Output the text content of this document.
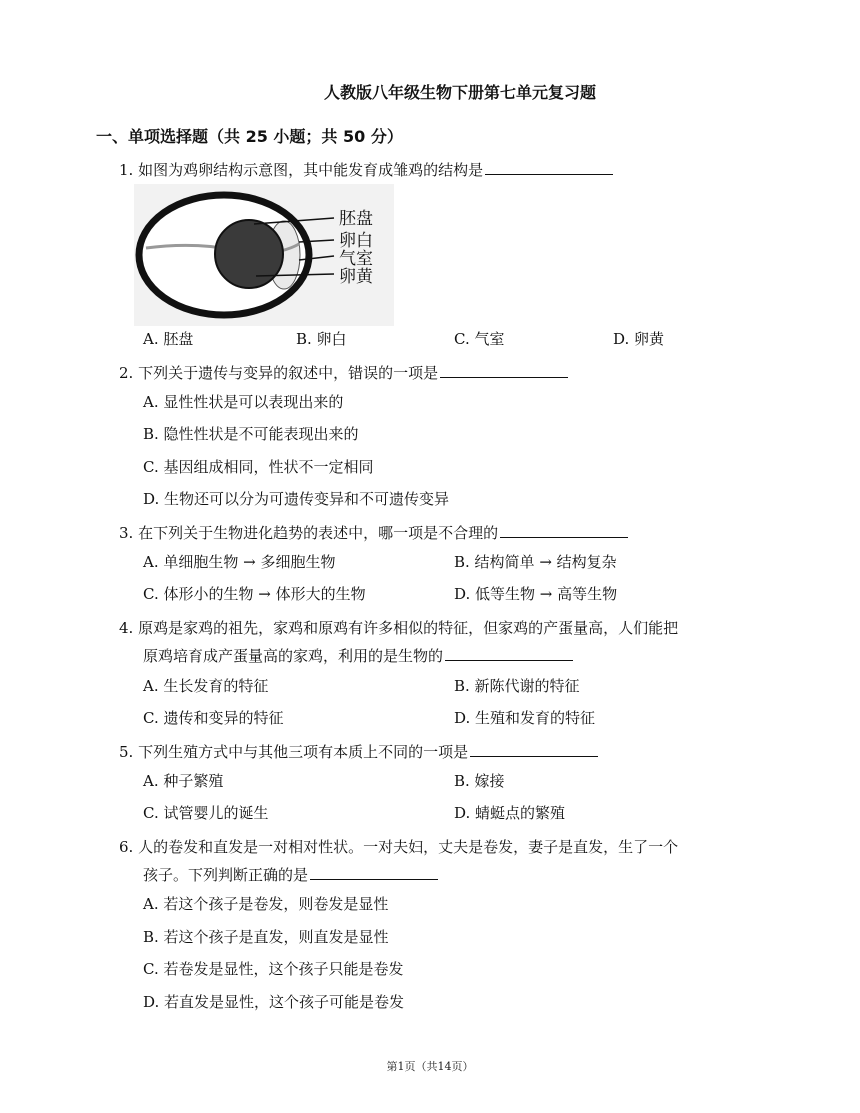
人教版八年级生物下册第七单元复习题
一、单项选择题（共 25 小题；共 50 分）
1. 如图为鸡卵结构示意图，其中能发育成雏鸡的结构是
胚盘
卵白
气室
卵黄
A. 胚盘	B. 卵白	C. 气室	D. 卵黄
2. 下列关于遗传与变异的叙述中，错误的一项是
A. 显性性状是可以表现出来的
B. 隐性性状是不可能表现出来的
C. 基因组成相同，性状不一定相同
D. 生物还可以分为可遗传变异和不可遗传变异
3. 在下列关于生物进化趋势的表述中，哪一项是不合理的
A. 单细胞生物 → 多细胞生物	B. 结构简单 → 结构复杂
C. 体形小的生物 → 体形大的生物	D. 低等生物 → 高等生物
4. 原鸡是家鸡的祖先，家鸡和原鸡有许多相似的特征，但家鸡的产蛋量高，人们能把
原鸡培育成产蛋量高的家鸡，利用的是生物的
A. 生长发育的特征	B. 新陈代谢的特征
C. 遗传和变异的特征	D. 生殖和发育的特征
5. 下列生殖方式中与其他三项有本质上不同的一项是
A. 种子繁殖	B. 嫁接
C. 试管婴儿的诞生	D. 蜻蜓点的繁殖
6. 人的卷发和直发是一对相对性状。一对夫妇，丈夫是卷发，妻子是直发，生了一个
孩子。下列判断正确的是
A. 若这个孩子是卷发，则卷发是显性
B. 若这个孩子是直发，则直发是显性
C. 若卷发是显性，这个孩子只能是卷发
D. 若直发是显性，这个孩子可能是卷发
第1页（共14页）
